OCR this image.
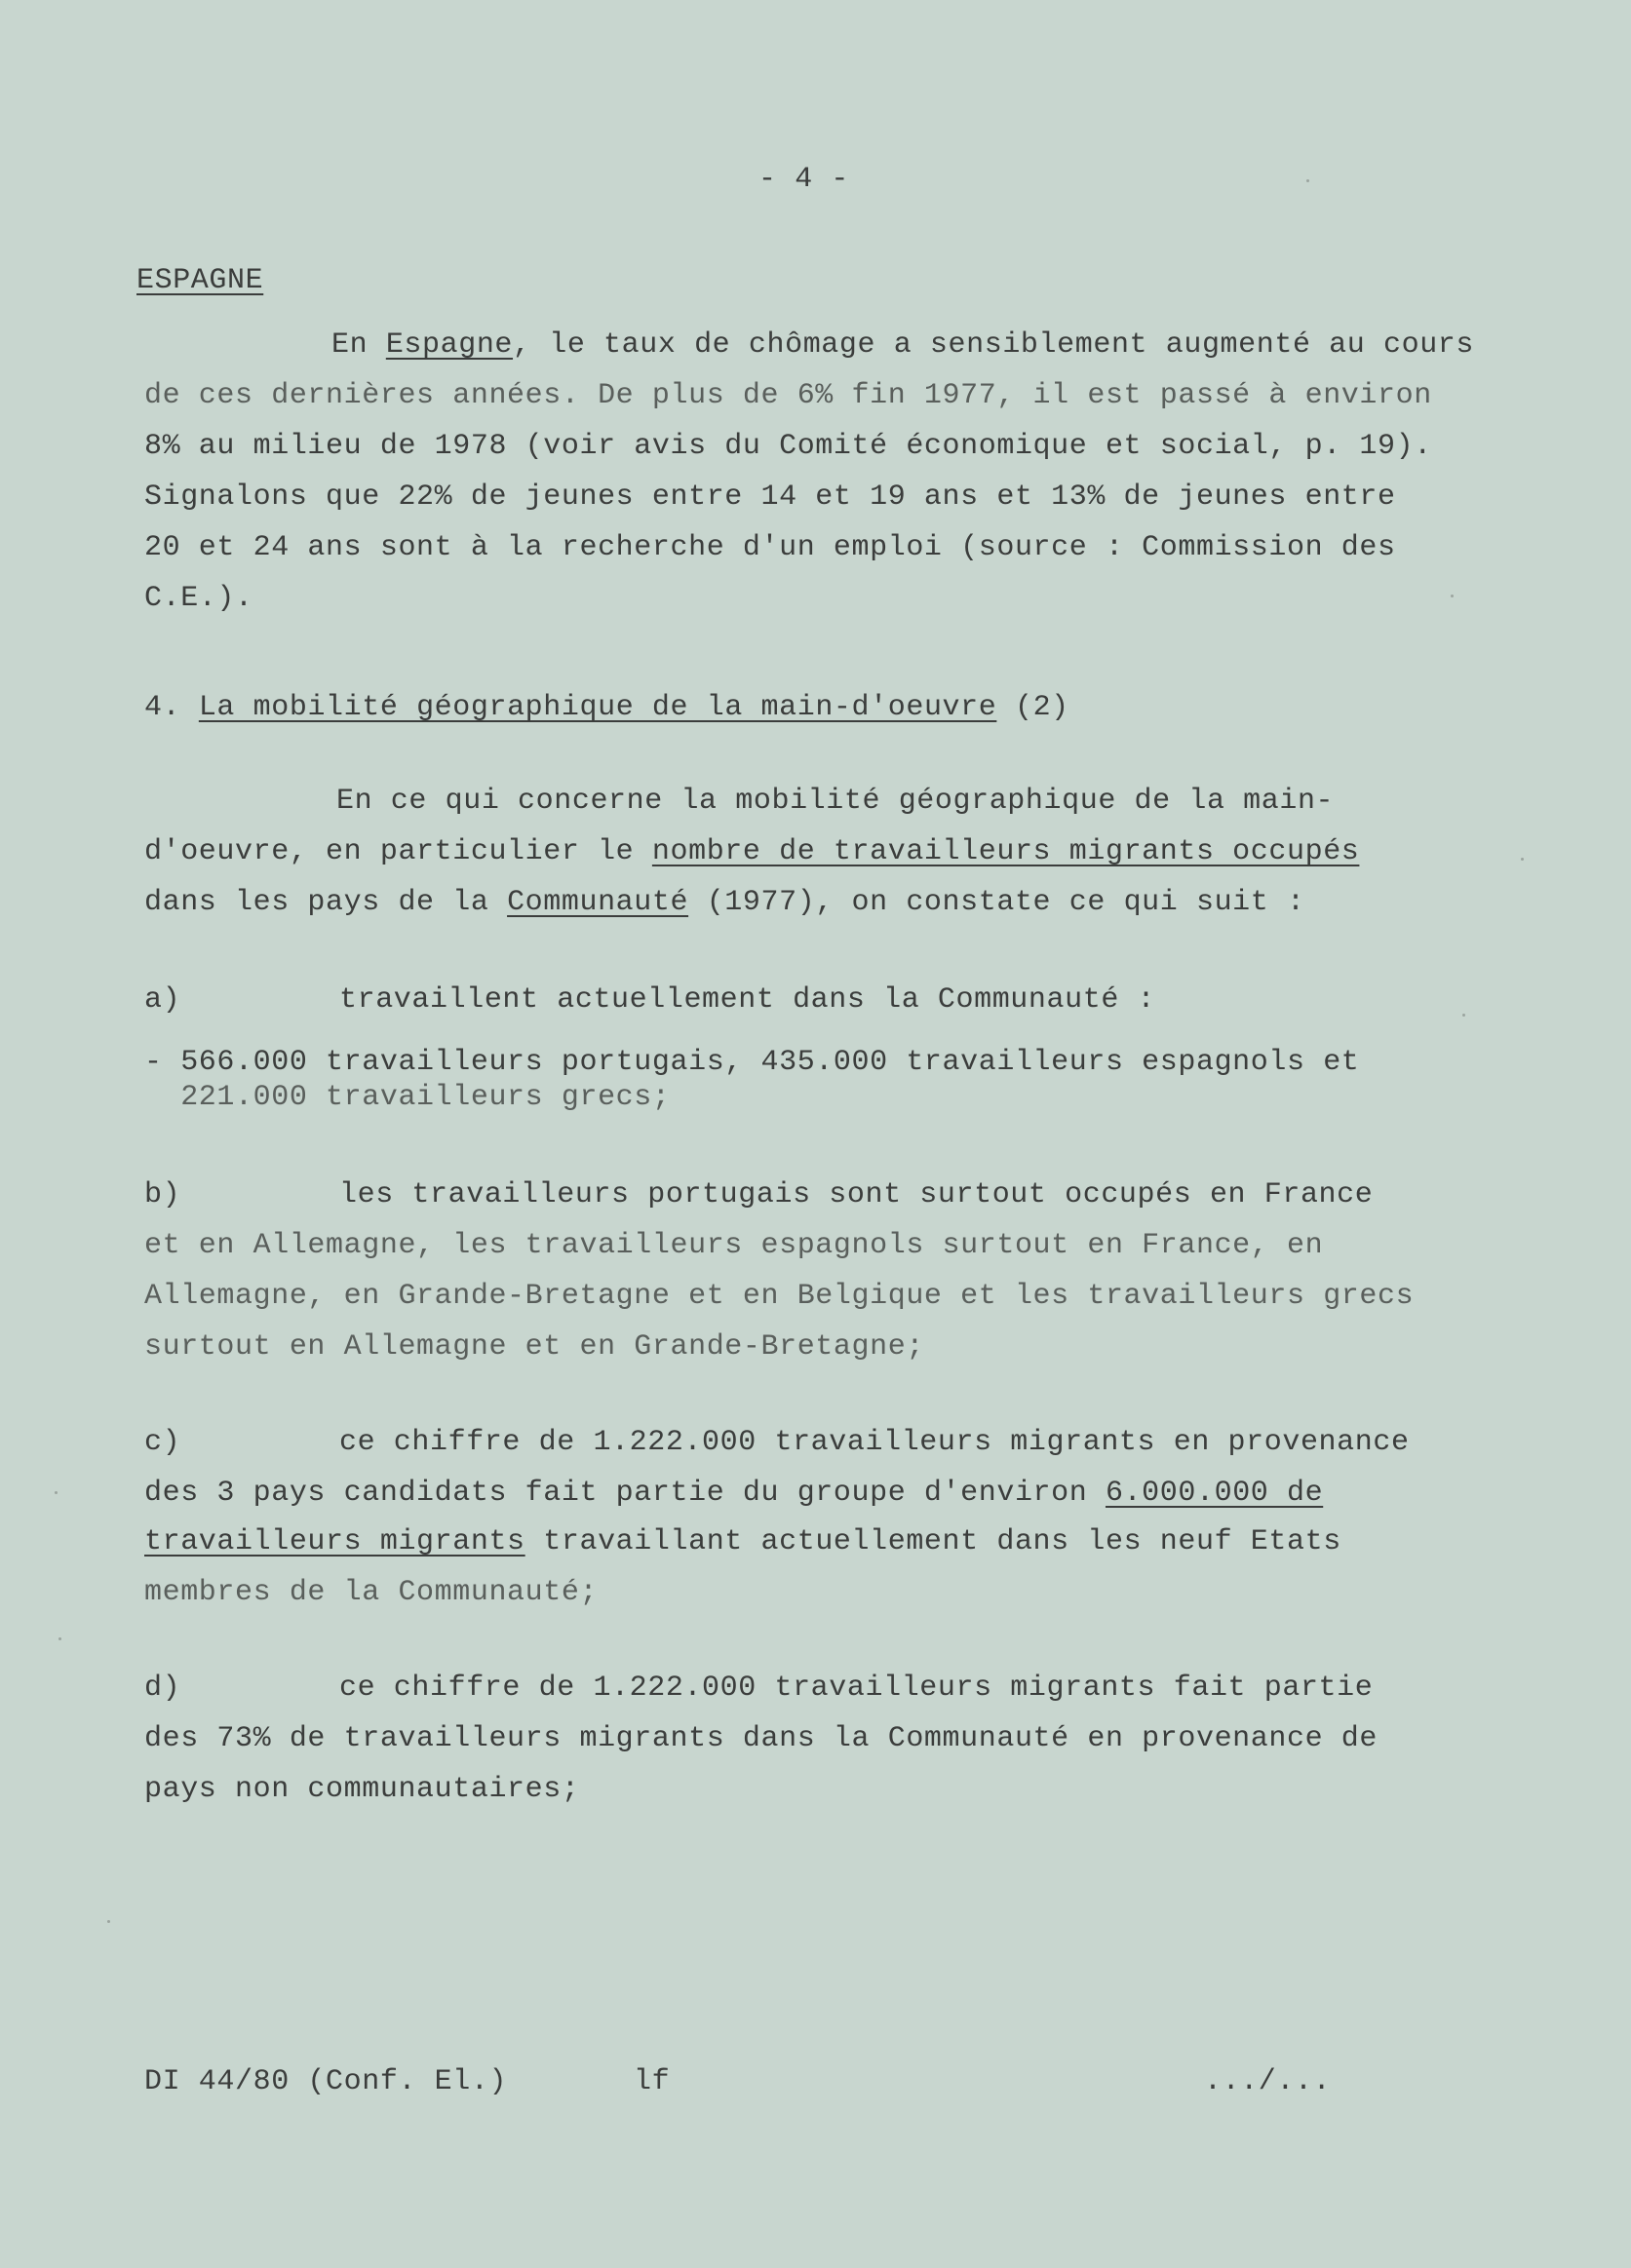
- 4 -
ESPAGNE
En Espagne, le taux de chômage a sensiblement augmenté au cours
de ces dernières années. De plus de 6% fin 1977, il est passé à environ
8% au milieu de 1978 (voir avis du Comité économique et social, p. 19).
Signalons que 22% de jeunes entre 14 et 19 ans et 13% de jeunes entre
20 et 24 ans sont à la recherche d'un emploi (source : Commission des
C.E.).
4. La mobilité géographique de la main-d'oeuvre (2)
En ce qui concerne la mobilité géographique de la main-
d'oeuvre, en particulier le nombre de travailleurs migrants occupés
dans les pays de la Communauté (1977), on constate ce qui suit :
a)	travaillent actuellement dans la Communauté :
- 566.000 travailleurs portugais, 435.000 travailleurs espagnols et
221.000 travailleurs grecs;
b)	les travailleurs portugais sont surtout occupés en France
et en Allemagne, les travailleurs espagnols surtout en France, en
Allemagne, en Grande-Bretagne et en Belgique et les travailleurs grecs
surtout en Allemagne et en Grande-Bretagne;
c)	ce chiffre de 1.222.000 travailleurs migrants en provenance
des 3 pays candidats fait partie du groupe d'environ 6.000.000 de
travailleurs migrants travaillant actuellement dans les neuf Etats
membres de la Communauté;
d)	ce chiffre de 1.222.000 travailleurs migrants fait partie
des 73% de travailleurs migrants dans la Communauté en provenance de
pays non communautaires;
DI 44/80 (Conf. El.)	lf	.../...
